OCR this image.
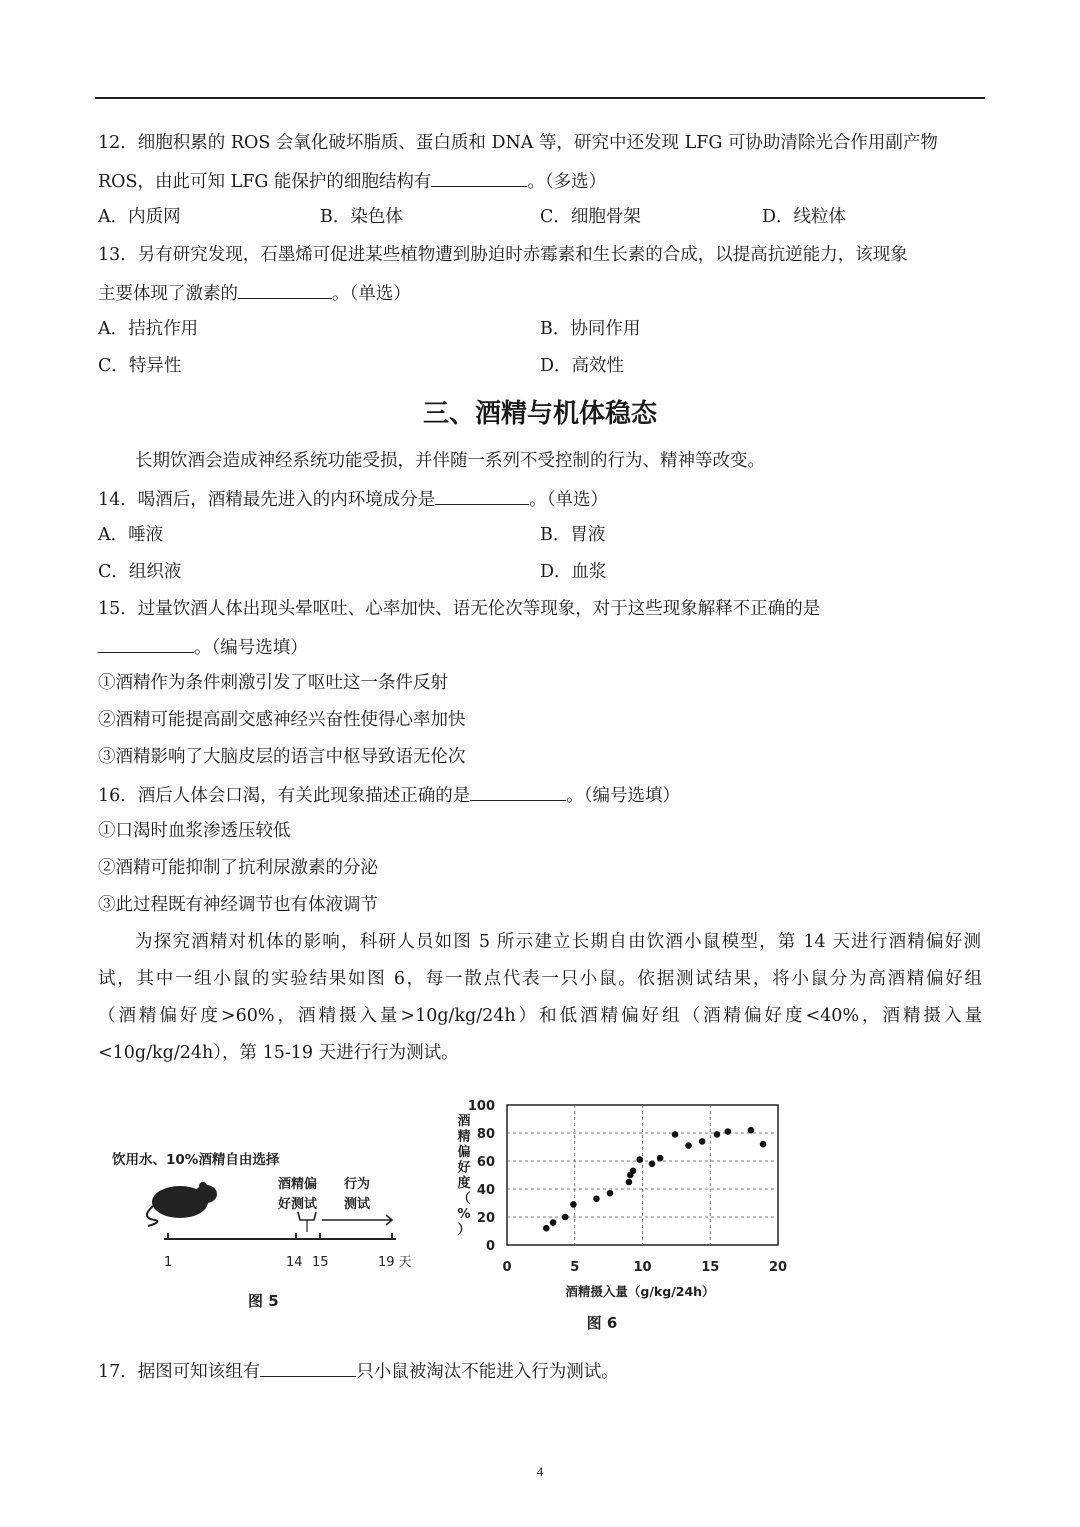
12．细胞积累的 ROS 会氧化破坏脂质、蛋白质和 DNA 等，研究中还发现 LFG 可协助清除光合作用副产物
ROS，由此可知 LFG 能保护的细胞结构有	。（多选）
A．内质网	B．染色体	C．细胞骨架	D．线粒体
13．另有研究发现，石墨烯可促进某些植物遭到胁迫时赤霉素和生长素的合成，以提高抗逆能力，该现象
主要体现了激素的	。（单选）
A．拮抗作用	B．协同作用
C．特异性	D．高效性
三、酒精与机体稳态
长期饮酒会造成神经系统功能受损，并伴随一系列不受控制的行为、精神等改变。
14．喝酒后，酒精最先进入的内环境成分是	。（单选）
A．唾液	B．胃液
C．组织液	D．血浆
15．过量饮酒人体出现头晕呕吐、心率加快、语无伦次等现象，对于这些现象解释不正确的是
。（编号选填）
①酒精作为条件刺激引发了呕吐这一条件反射
②酒精可能提高副交感神经兴奋性使得心率加快
③酒精影响了大脑皮层的语言中枢导致语无伦次
16．酒后人体会口渴，有关此现象描述正确的是	。（编号选填）
①口渴时血浆渗透压较低
②酒精可能抑制了抗利尿激素的分泌
③此过程既有神经调节也有体液调节
为探究酒精对机体的影响，科研人员如图 5 所示建立长期自由饮酒小鼠模型，第 14 天进行酒精偏好测
试，其中一组小鼠的实验结果如图 6，每一散点代表一只小鼠。依据测试结果，将小鼠分为高酒精偏好组
（酒精偏好度>60%，酒精摄入量>10g/kg/24h）和低酒精偏好组（酒精偏好度<40%，酒精摄入量
<10g/kg/24h），第 15-19 天进行行为测试。
饮用水、10%酒精自由选择
酒精偏
好测试
行为
测试
1	14 15	19 天
图 5
0
20
40
60
80
100
0	5	10	15	20
酒
精
偏
好
度
（
%
）
酒精摄入量（g/kg/24h）
图 6
17．据图可知该组有	只小鼠被淘汰不能进入行为测试。
4
